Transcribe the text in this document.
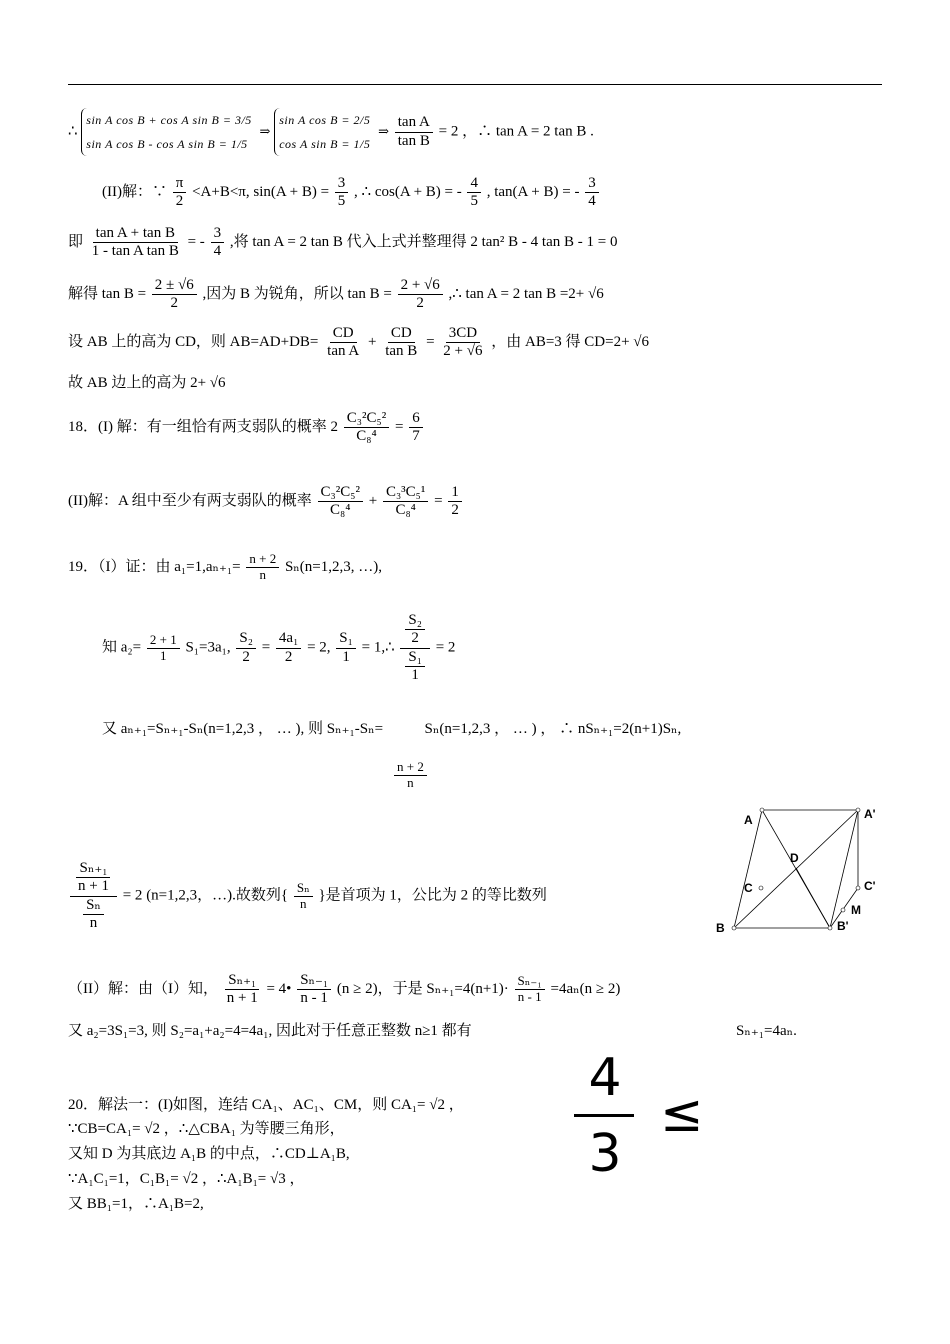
∴
sin A cos B + cos A sin B = 3/5
sin A cos B - cos A sin B = 1/5
⇒
sin A cos B = 2/5
cos A sin B = 1/5
⇒ $\frac{\text{tan A}}{\text{tan B}} = 2$ ，∴ tan A = 2 tan B .
(II)解：∵ $\frac{\pi}{2} <A+B<\pi$, $\sin(A + B) = \frac{3}{5}$ , ∴ cos(A + B) = - $\frac{4}{5}$ , tan(A + B) = - $\frac{3}{4}$
即 $\frac{\text{tan A + tan B}}{\text{1 - tan A tan B}}$ = - $\frac{3}{4}$ ,将 tan A = 2 tan B 代入上式并整理得 2 tan² B - 4 tan B - 1 = 0
解得 $\tan B = \frac{2 \pm √6}{2}$ ,因为 B 为锐角，所以 $\tan B = \frac{2 + √6}{2}$ ,∴ tan A = 2 tan B =2+ √6
设 AB 上的高为 CD，则 $AB=AD+DB= \frac{CD}{\text{tan A}} + \frac{CD}{\text{tan B}} = \frac{3CD}{2 + √6}$ ，由 AB=3 得 CD=2+ √6
故 AB 边上的高为 2+ √6
18．(I) 解：有一组恰有两支弱队的概率 $2 \frac{\text{C₃²C₅²}}{\text{C₈⁴}} = \frac{6}{7}$
(II)解：A 组中至少有两支弱队的概率 $\frac{\text{C₃²C₅²}}{\text{C₈⁴}} + \frac{\text{C₃³C₅¹}}{\text{C₈⁴}} = \frac{1}{2}$
19．（I）证：由 $a_1=1,a_{n+1}= \frac{n + 2}{n} S_n(n=1,2,3$, …),
知 $a_2= \frac{2 + 1}{1} S_1=3a_1$, $\frac{\text{S₂}}{2} = \frac{\text{4a₁}}{2} = 2$, $\frac{\text{S₁}}{1}$ = 1,∴ $\frac{\frac{\text{S₂}}{2}}{\frac{\text{S₁}}{1}} = 2$
又 aₙ₊₁=Sₙ₊₁-Sₙ(n=1,2,3 ， … ), 则 Sₙ₊₁-Sₙ=	Sₙ(n=1,2,3 ， … ) ， ∴ nSₙ₊₁=2(n+1)Sₙ,
$\frac{n + 2}{n}$
$\frac{\frac{\text{Sₙ₊₁}}{n + 1}}{\frac{\text{Sₙ}}{n}} = 2$ (n=1,2,3，…).故数列{ $\frac{\text{Sₙ}}{n}$ }是首项为 1，公比为 2 的等比数列
（II）解：由（I）知， $\frac{\text{Sₙ₊₁}}{n + 1}$ = 4• $\frac{\text{Sₙ₋₁}}{n - 1} (n \ge 2)$，于是 $S_{n+1}=4(n+1)\cdot \frac{\text{Sₙ₋₁}}{n - 1} =4a_n(n \ge 2)$
又 a₂=3S₁=3, 则 S₂=a₁+a₂=4=4a₁, 因此对于任意正整数 n≥1 都有	Sₙ₊₁=4aₙ.
20．解法一：(I)如图，连结 CA₁、AC₁、CM，则 CA₁= √2 ，
∵CB=CA₁= √2 ，∴△CBA₁ 为等腰三角形，
又知 D 为其底边 A₁B 的中点，∴CD⊥A₁B,
∵A₁C₁=1，C₁B₁= √2 ，∴A₁B₁= √3 ，
又 BB₁=1，∴A₁B=2,
4
3
≤
A	A'
D
C	C'
M
B	B'
